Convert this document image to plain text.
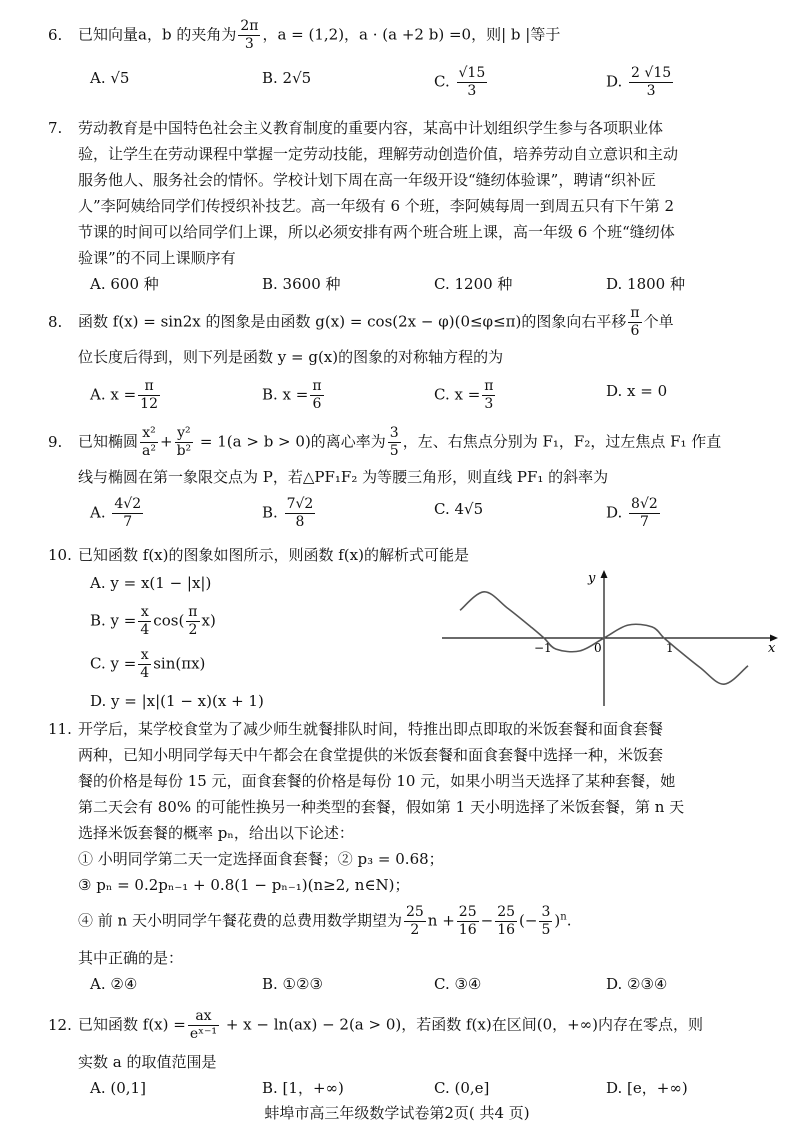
6. 已知向量a，b 的夹角为 $\frac{2\pi}{3}$ ，a = (1,2)，a · (a +2 b) =0，则| b |等于
A. √5	B. 2√5	C. $\frac{√15}{3}$	D. $\frac{2 √15}{3}$
7. 劳动教育是中国特色社会主义教育制度的重要内容，某高中计划组织学生参与各项职业体
验，让学生在劳动课程中掌握一定劳动技能，理解劳动创造价值，培养劳动自立意识和主动
服务他人、服务社会的情怀。学校计划下周在高一年级开设“缝纫体验课”，聘请“织补匠
人”李阿姨给同学们传授织补技艺。高一年级有 6 个班，李阿姨每周一到周五只有下午第 2
节课的时间可以给同学们上课，所以必须安排有两个班合班上课，高一年级 6 个班“缝纫体
验课”的不同上课顺序有
A. 600 种	B. 3600 种	C. 1200 种	D. 1800 种
8. 函数 f(x) = sin2x 的图象是由函数 g(x) = cos(2x − φ)(0≤φ≤π)的图象向右平移 $\frac{\pi}{6}$ 个单
位长度后得到，则下列是函数 y = g(x)的图象的对称轴方程的为
A. $x = \frac{\pi}{12}$	B. $x = \frac{\pi}{6}$	C. $x = \frac{\pi}{3}$	D. x = 0
9. 已知椭圆 $\frac{\text{x²}}{\text{a²}} + \frac{\text{y²}}{\text{b²}} = 1(a > b > 0)$的离心率为 $\frac{3}{5}$ ，左、右焦点分别为 F₁，F₂，过左焦点 F₁ 作直
线与椭圆在第一象限交点为 P，若△PF₁F₂ 为等腰三角形，则直线 PF₁ 的斜率为
A. $\frac{4√2}{7}$	B. $\frac{7√2}{8}$	C. 4√5	D. $\frac{8√2}{7}$
10. 已知函数 f(x)的图象如图所示，则函数 f(x)的解析式可能是
A. y = x(1 − |x|)
B. $y = \frac{x}{4} \cos( \frac{\pi}{2} x)$
C. $y = \frac{x}{4} \sin(\pi x)$
D. y = |x|(1 − x)(x + 1)
x
y
0
−1	1
11. 开学后，某学校食堂为了减少师生就餐排队时间，特推出即点即取的米饭套餐和面食套餐
两种，已知小明同学每天中午都会在食堂提供的米饭套餐和面食套餐中选择一种，米饭套
餐的价格是每份 15 元，面食套餐的价格是每份 10 元，如果小明当天选择了某种套餐，她
第二天会有 80% 的可能性换另一种类型的套餐，假如第 1 天小明选择了米饭套餐，第 n 天
选择米饭套餐的概率 pₙ，给出以下论述：
① 小明同学第二天一定选择面食套餐；② p₃ = 0.68；
③ pₙ = 0.2pₙ₋₁ + 0.8(1 − pₙ₋₁)(n≥2, n∈N)；
④ 前 n 天小明同学午餐花费的总费用数学期望为 $\frac{25}{2}$ $n + \frac{25}{16} - \frac{25}{16}$ (− $\frac{3}{5} )^n$.
其中正确的是：
A. ②④	B. ①②③	C. ③④	D. ②③④
12. 已知函数 $f(x) = \frac{ax}{\text{eˣ⁻¹}} + x - \ln(ax) - 2(a > 0)$，若函数 f(x)在区间(0，+∞)内存在零点，则
实数 a 的取值范围是
A. (0,1]	B. [1，+∞)	C. (0,e]	D. [e，+∞)
蚌埠市高三年级数学试卷第2页( 共4 页)
